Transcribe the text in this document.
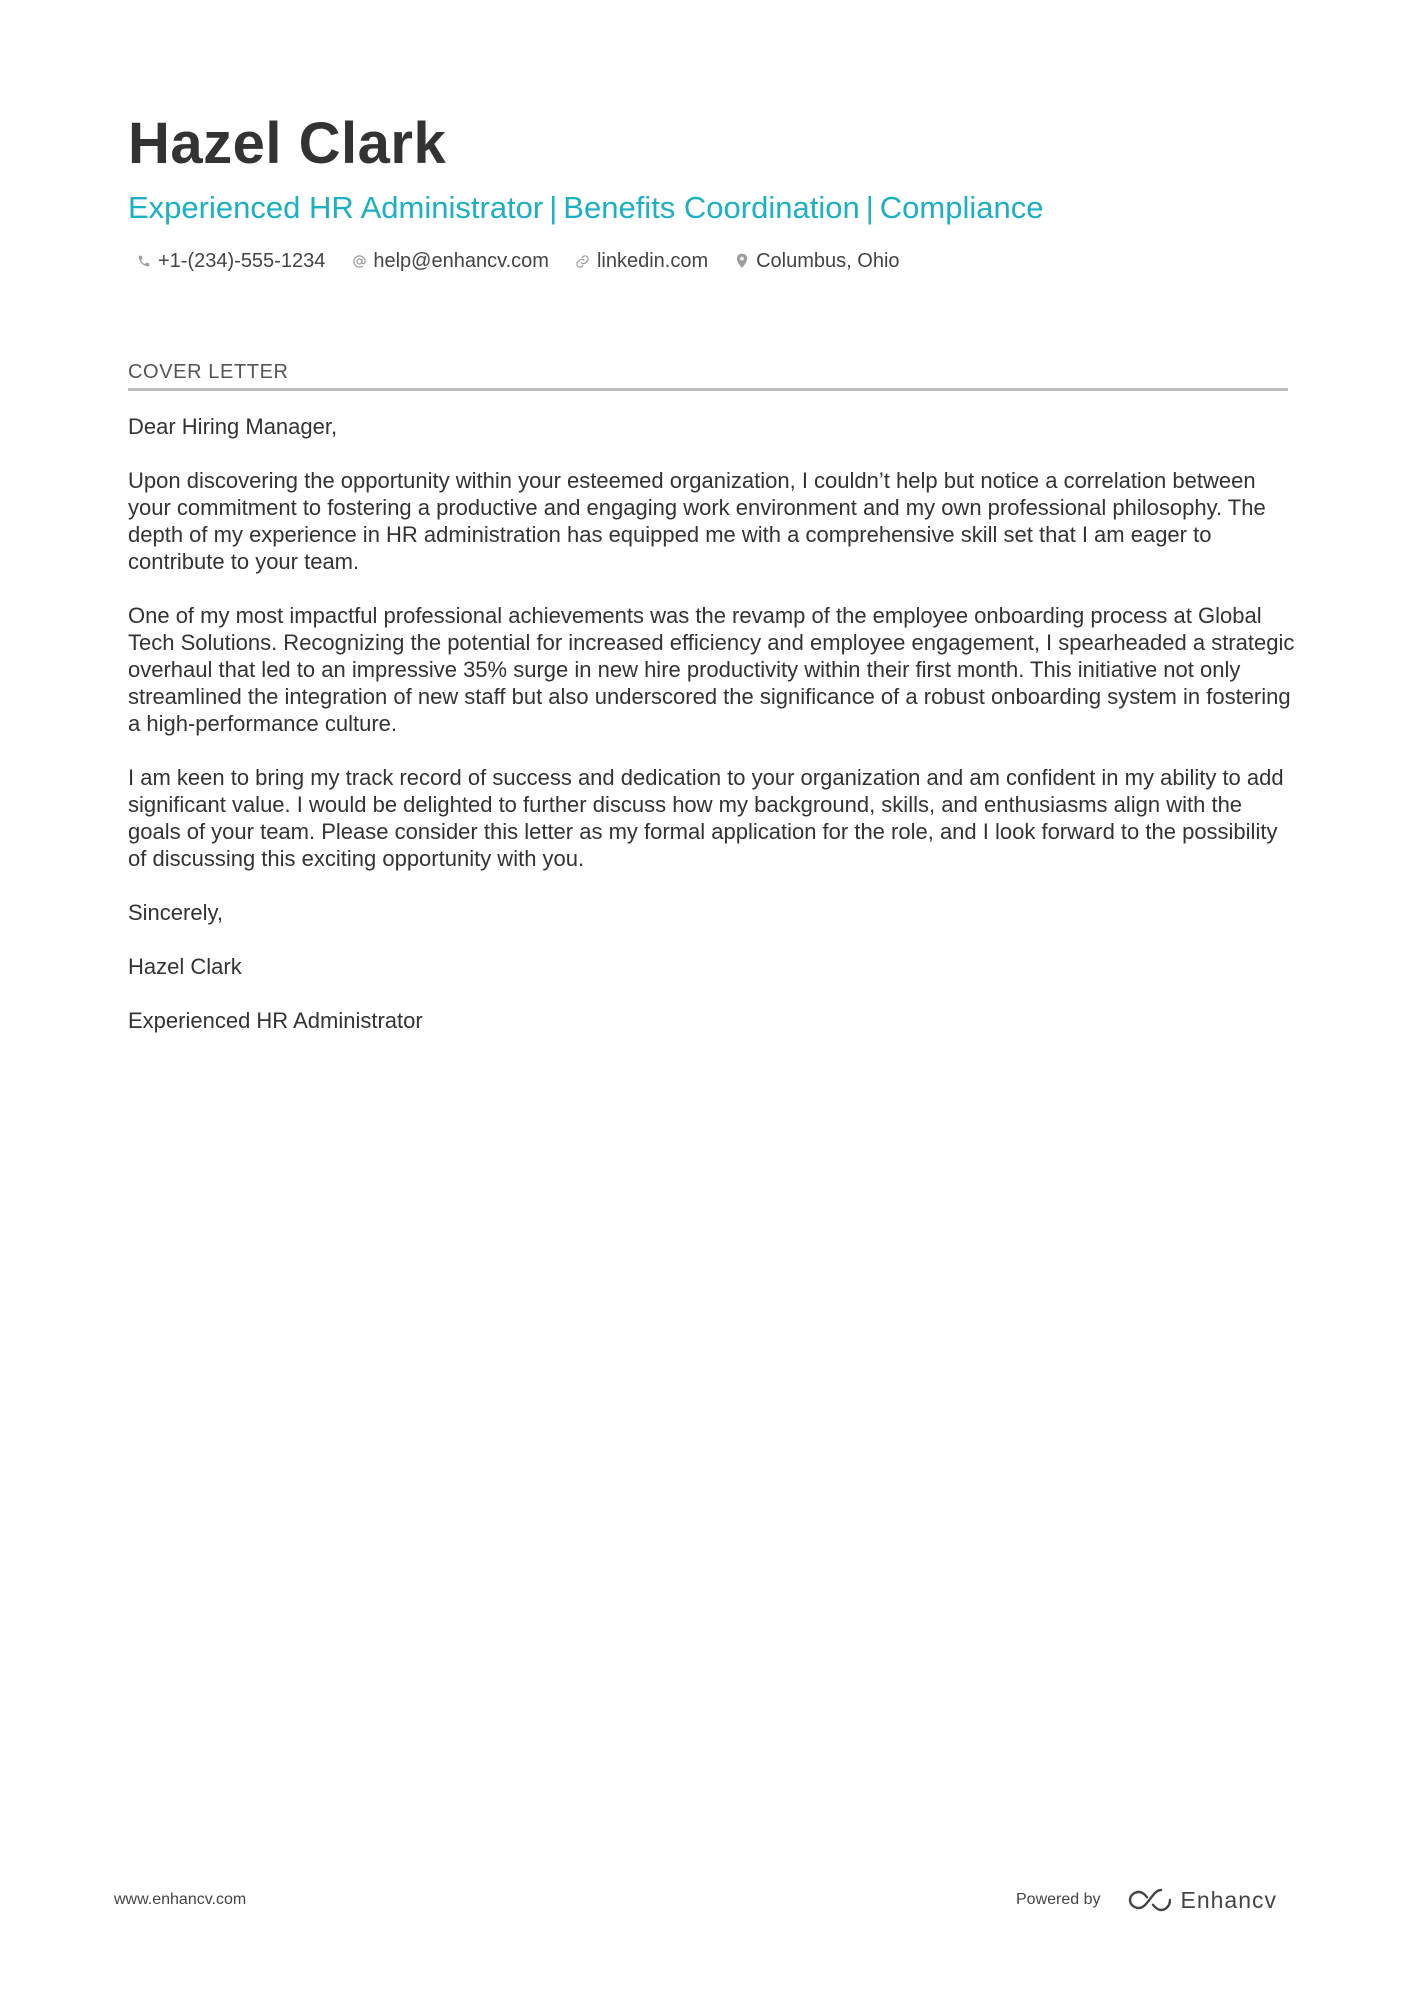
Hazel Clark
Experienced HR Administrator | Benefits Coordination | Compliance
+1-(234)-555-1234 help@enhancv.com linkedin.com Columbus, Ohio
COVER LETTER

Dear Hiring Manager,

Upon discovering the opportunity within your esteemed organization, I couldn’t help but notice a correlation between your commitment to fostering a productive and engaging work environment and my own professional philosophy. The depth of my experience in HR administration has equipped me with a comprehensive skill set that I am eager to contribute to your team.

One of my most impactful professional achievements was the revamp of the employee onboarding process at Global Tech Solutions. Recognizing the potential for increased efficiency and employee engagement, I spearheaded a strategic overhaul that led to an impressive 35% surge in new hire productivity within their first month. This initiative not only streamlined the integration of new staff but also underscored the significance of a robust onboarding system in fostering a high-performance culture.

I am keen to bring my track record of success and dedication to your organization and am confident in my ability to add significant value. I would be delighted to further discuss how my background, skills, and enthusiasms align with the goals of your team. Please consider this letter as my formal application for the role, and I look forward to the possibility of discussing this exciting opportunity with you.

Sincerely,

Hazel Clark

Experienced HR Administrator

www.enhancv.com	Powered by	Enhancv
